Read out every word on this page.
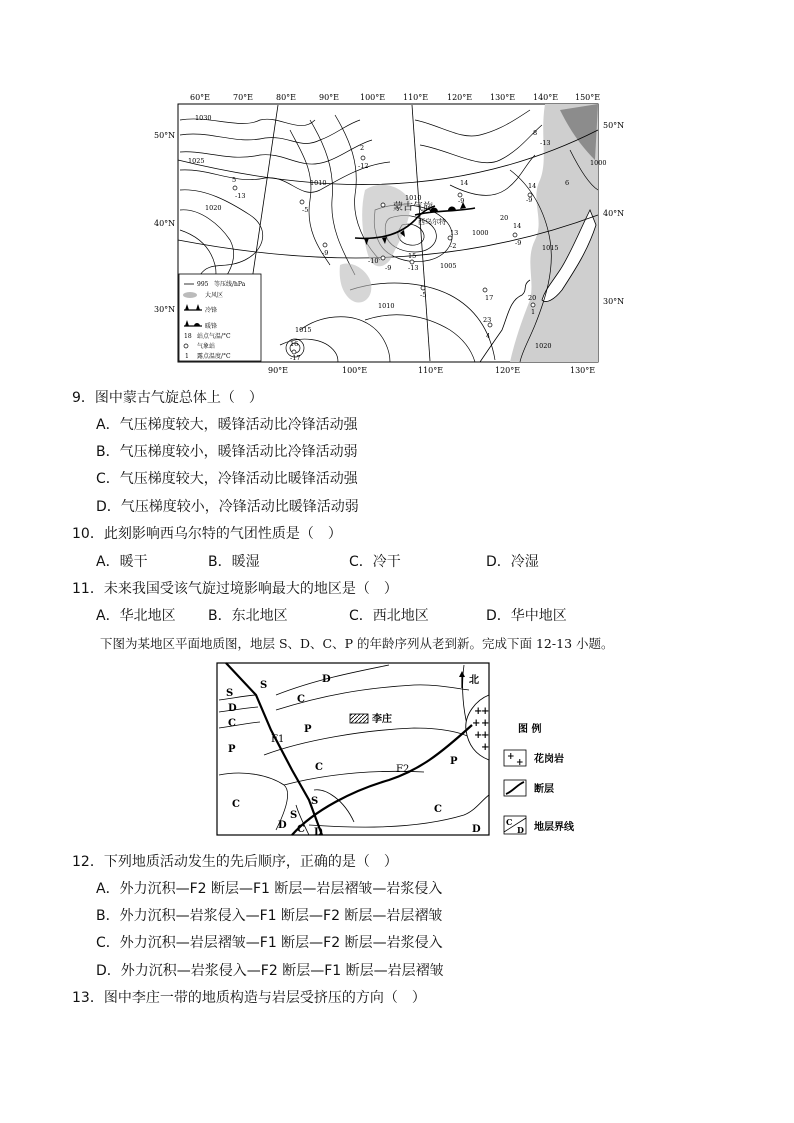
60°E	70°E	80°E	90°E	100°E 110°E 120°E 130°E 140°E 150°E
50°N
40°N
30°N
50°N
40°N
30°N
90°E	100°E	110°E	120°E	130°E
1030
1025
1020
1015
1010
1005
1000
1010
1015
1020
1010
1000
蒙古气旋
西乌尔特
2
-12
5
-13
-5
-9
-10
-9
14
-9
15
-13
14
-9
20
6
14
-9
8
-13
13
-2
-5	17
16
-17
20
23
4
1
995 等压线/hPa
大风区
冷锋
暖锋
18 站点气温/°C
气象站
1 露点温度/°C
9．图中蒙古气旋总体上（　）
A．气压梯度较大，暖锋活动比冷锋活动强
B．气压梯度较小，暖锋活动比冷锋活动弱
C．气压梯度较大，冷锋活动比暖锋活动强
D．气压梯度较小，冷锋活动比暖锋活动弱
10．此刻影响西乌尔特的气团性质是（　）
A．暖干	B．暖湿	C．冷干	D．冷湿
11．未来我国受该气旋过境影响最大的地区是（　）
A．华北地区 B．东北地区	C．西北地区	D．华中地区
下图为某地区平面地质图，地层 S、D、C、P 的年龄序列从老到新。完成下面 12-13 小题。
+
+
+ +
+
+
+
李庄
北
F1
F2
S
S
D
D
C
C
P
P
C
C
P
C
D
S
S
C D	D
图 例
+
+ 花岗岩
断层
C
D 地层界线
12．下列地质活动发生的先后顺序，正确的是（　）
A．外力沉积—F2 断层—F1 断层—岩层褶皱—岩浆侵入
B．外力沉积—岩浆侵入—F1 断层—F2 断层—岩层褶皱
C．外力沉积—岩层褶皱—F1 断层—F2 断层—岩浆侵入
D．外力沉积—岩浆侵入—F2 断层—F1 断层—岩层褶皱
13．图中李庄一带的地质构造与岩层受挤压的方向（　）
